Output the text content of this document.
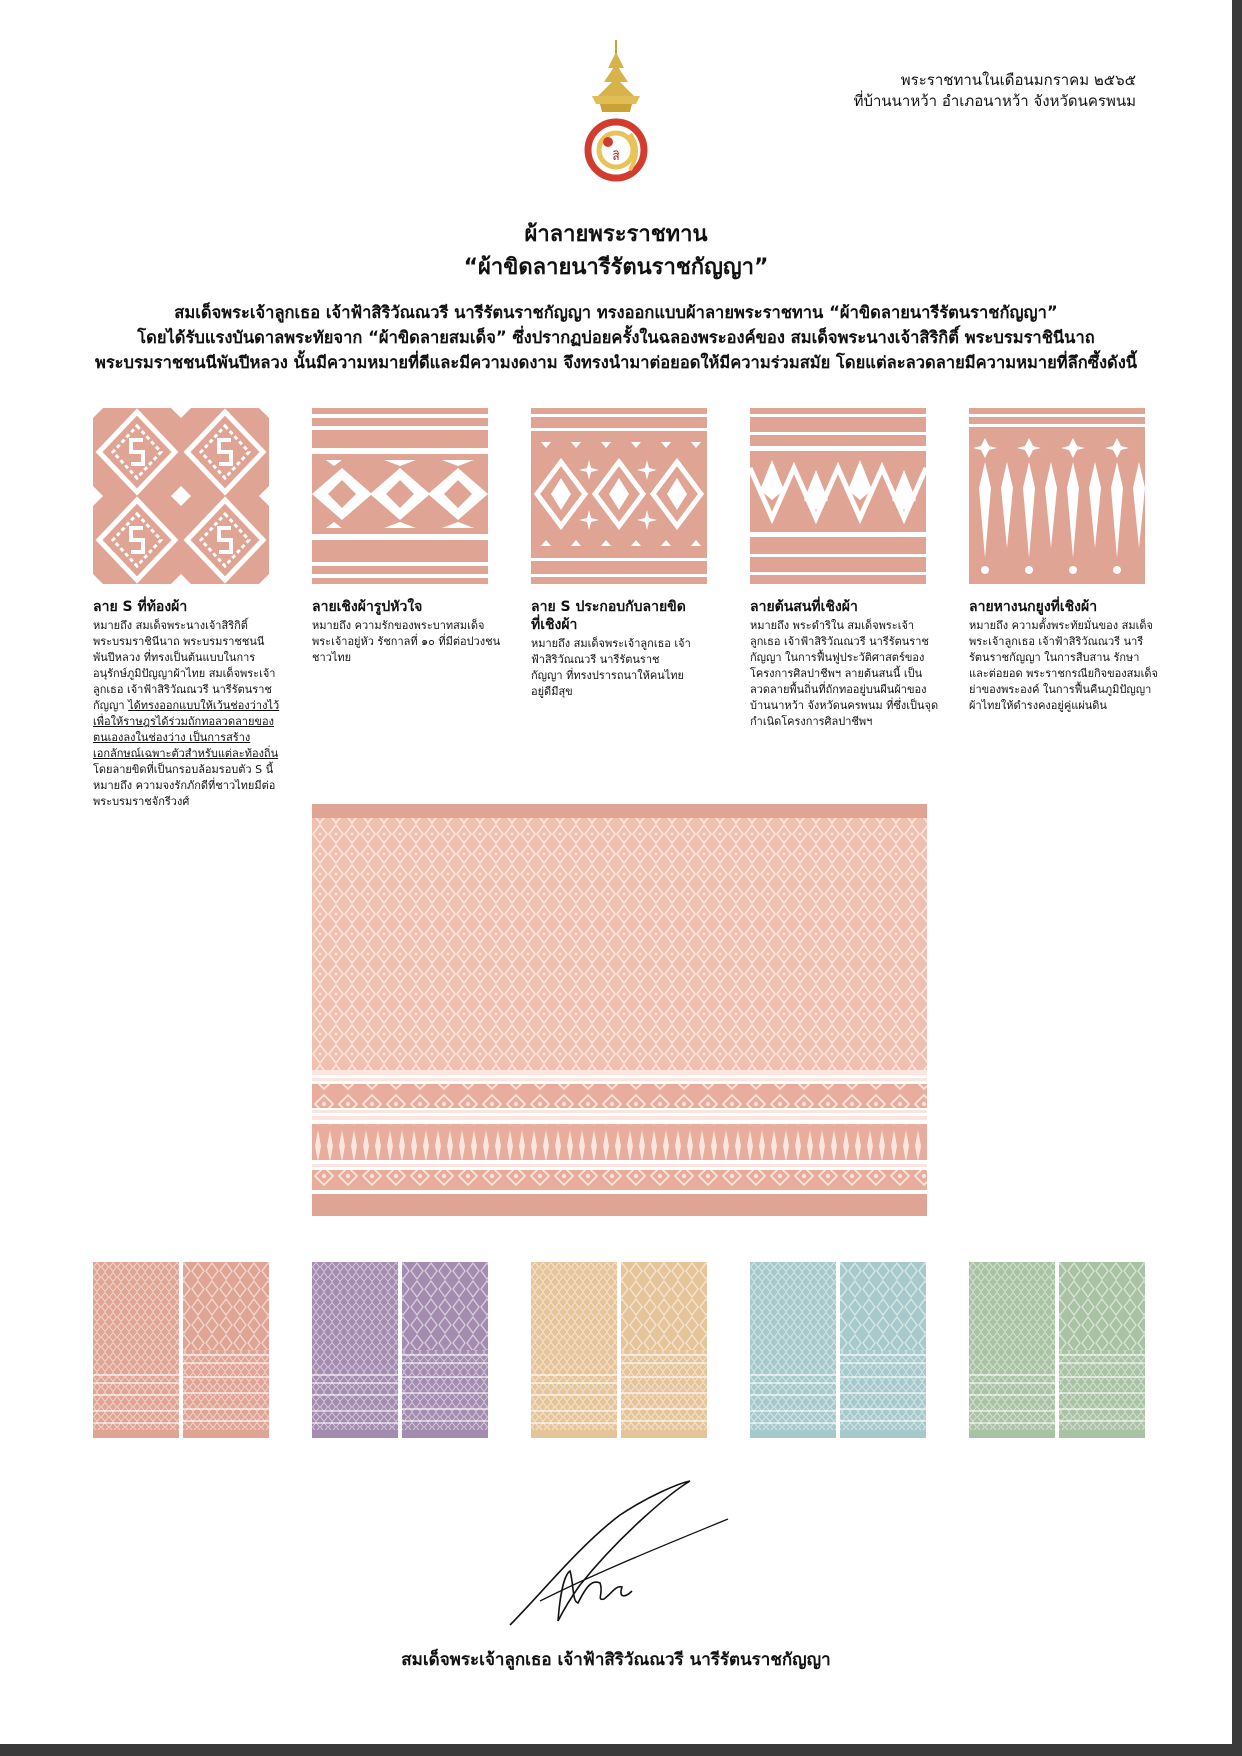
สิ
พระราชทานในเดือนมกราคม ๒๕๖๕
ที่บ้านนาหว้า อำเภอนาหว้า จังหวัดนครพนม
ผ้าลายพระราชทาน
“ผ้าขิดลายนารีรัตนราชกัญญา”
สมเด็จพระเจ้าลูกเธอ เจ้าฟ้าสิริวัณณวรี นารีรัตนราชกัญญา ทรงออกแบบผ้าลายพระราชทาน “ผ้าขิดลายนารีรัตนราชกัญญา”
โดยได้รับแรงบันดาลพระทัยจาก “ผ้าขิดลายสมเด็จ” ซึ่งปรากฏบ่อยครั้งในฉลองพระองค์ของ สมเด็จพระนางเจ้าสิริกิติ์ พระบรมราชินีนาถ
พระบรมราชชนนีพันปีหลวง นั้นมีความหมายที่ดีและมีความงดงาม จึงทรงนำมาต่อยอดให้มีความร่วมสมัย โดยแต่ละลวดลายมีความหมายที่ลึกซึ้งดังนี้
ลาย S ที่ท้องผ้า

หมายถึง สมเด็จพระนางเจ้าสิริกิติ์ พระบรมราชินีนาถ พระบรมราชชนนีพันปีหลวง ที่ทรงเป็นต้นแบบในการอนุรักษ์ภูมิปัญญาผ้าไทย สมเด็จพระเจ้าลูกเธอ เจ้าฟ้าสิริวัณณวรี นารีรัตนราชกัญญา ได้ทรงออกแบบให้เว้นช่องว่างไว้ เพื่อให้ราษฎรได้ร่วมถักทอลวดลายของตนเองลงในช่องว่าง เป็นการสร้างเอกลักษณ์เฉพาะตัวสำหรับแต่ละท้องถิ่น โดยลายขิดที่เป็นกรอบล้อมรอบตัว S นี้ หมายถึง ความจงรักภักดีที่ชาวไทยมีต่อพระบรมราชจักรีวงศ์

ลายเชิงผ้ารูปหัวใจ

หมายถึง ความรักของพระบาทสมเด็จพระเจ้าอยู่หัว รัชกาลที่ ๑๐ ที่มีต่อปวงชนชาวไทย

ลาย S ประกอบกับลายขิดที่เชิงผ้า

หมายถึง สมเด็จพระเจ้าลูกเธอ เจ้าฟ้าสิริวัณณวรี นารีรัตนราชกัญญา ที่ทรงปรารถนาให้คนไทยอยู่ดีมีสุข

ลายต้นสนที่เชิงผ้า

หมายถึง พระดำริใน สมเด็จพระเจ้าลูกเธอ เจ้าฟ้าสิริวัณณวรี นารีรัตนราชกัญญา ในการฟื้นฟูประวัติศาสตร์ของโครงการศิลปาชีพฯ ลายต้นสนนี้ เป็นลวดลายพื้นถิ่นที่ถักทออยู่บนผืนผ้าของบ้านนาหว้า จังหวัดนครพนม ที่ซึ่งเป็นจุดกำเนิดโครงการศิลปาชีพฯ

ลายหางนกยูงที่เชิงผ้า

หมายถึง ความตั้งพระทัยมั่นของ สมเด็จพระเจ้าลูกเธอ เจ้าฟ้าสิริวัณณวรี นารีรัตนราชกัญญา ในการสืบสาน รักษาและต่อยอด พระราชกรณียกิจของสมเด็จย่าของพระองค์ ในการฟื้นคืนภูมิปัญญาผ้าไทยให้ดำรงคงอยู่คู่แผ่นดิน

สมเด็จพระเจ้าลูกเธอ เจ้าฟ้าสิริวัณณวรี นารีรัตนราชกัญญา
